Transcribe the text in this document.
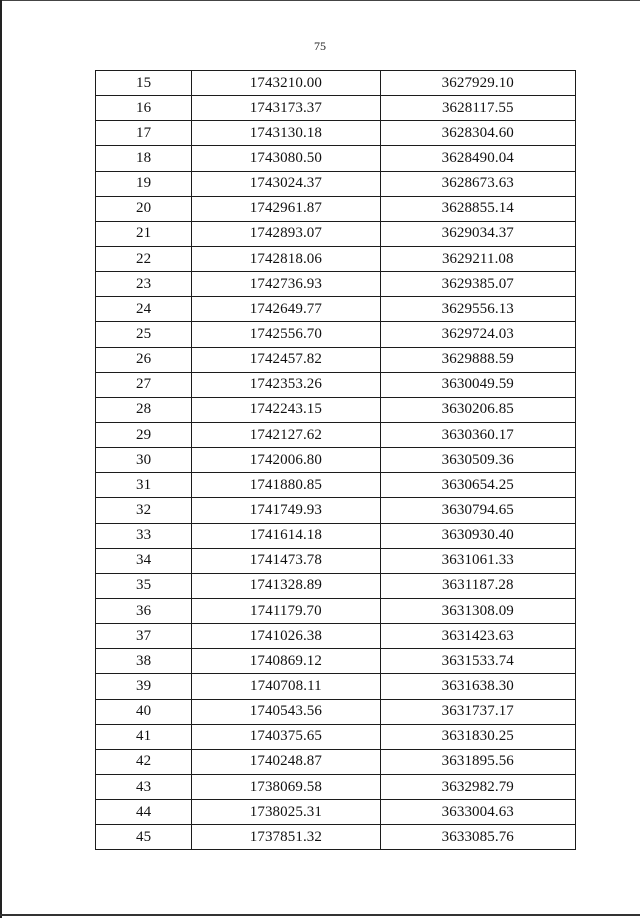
75
15	1743210.00	3627929.10
16	1743173.37	3628117.55
17	1743130.18	3628304.60
18	1743080.50	3628490.04
19	1743024.37	3628673.63
20	1742961.87	3628855.14
21	1742893.07	3629034.37
22	1742818.06	3629211.08
23	1742736.93	3629385.07
24	1742649.77	3629556.13
25	1742556.70	3629724.03
26	1742457.82	3629888.59
27	1742353.26	3630049.59
28	1742243.15	3630206.85
29	1742127.62	3630360.17
30	1742006.80	3630509.36
31	1741880.85	3630654.25
32	1741749.93	3630794.65
33	1741614.18	3630930.40
34	1741473.78	3631061.33
35	1741328.89	3631187.28
36	1741179.70	3631308.09
37	1741026.38	3631423.63
38	1740869.12	3631533.74
39	1740708.11	3631638.30
40	1740543.56	3631737.17
41	1740375.65	3631830.25
42	1740248.87	3631895.56
43	1738069.58	3632982.79
44	1738025.31	3633004.63
45	1737851.32	3633085.76
